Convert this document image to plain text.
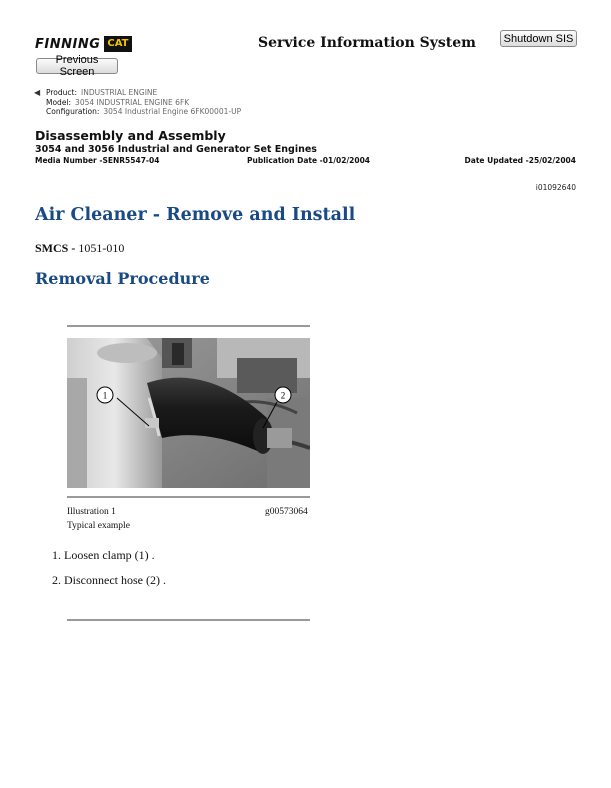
FINNING CAT	Service Information System	Shutdown SIS
Previous Screen
◀ Product: INDUSTRIAL ENGINE
Model: 3054 INDUSTRIAL ENGINE 6FK
Configuration: 3054 Industrial Engine 6FK00001-UP
Disassembly and Assembly
3054 and 3056 Industrial and Generator Set Engines
Media Number -SENR5547-04	Publication Date -01/02/2004	Date Updated -25/02/2004
i01092640
Air Cleaner - Remove and Install
SMCS - 1051-010
Removal Procedure
1	2
Illustration 1	g00573064
Typical example
1. Loosen clamp (1) .
2. Disconnect hose (2) .
